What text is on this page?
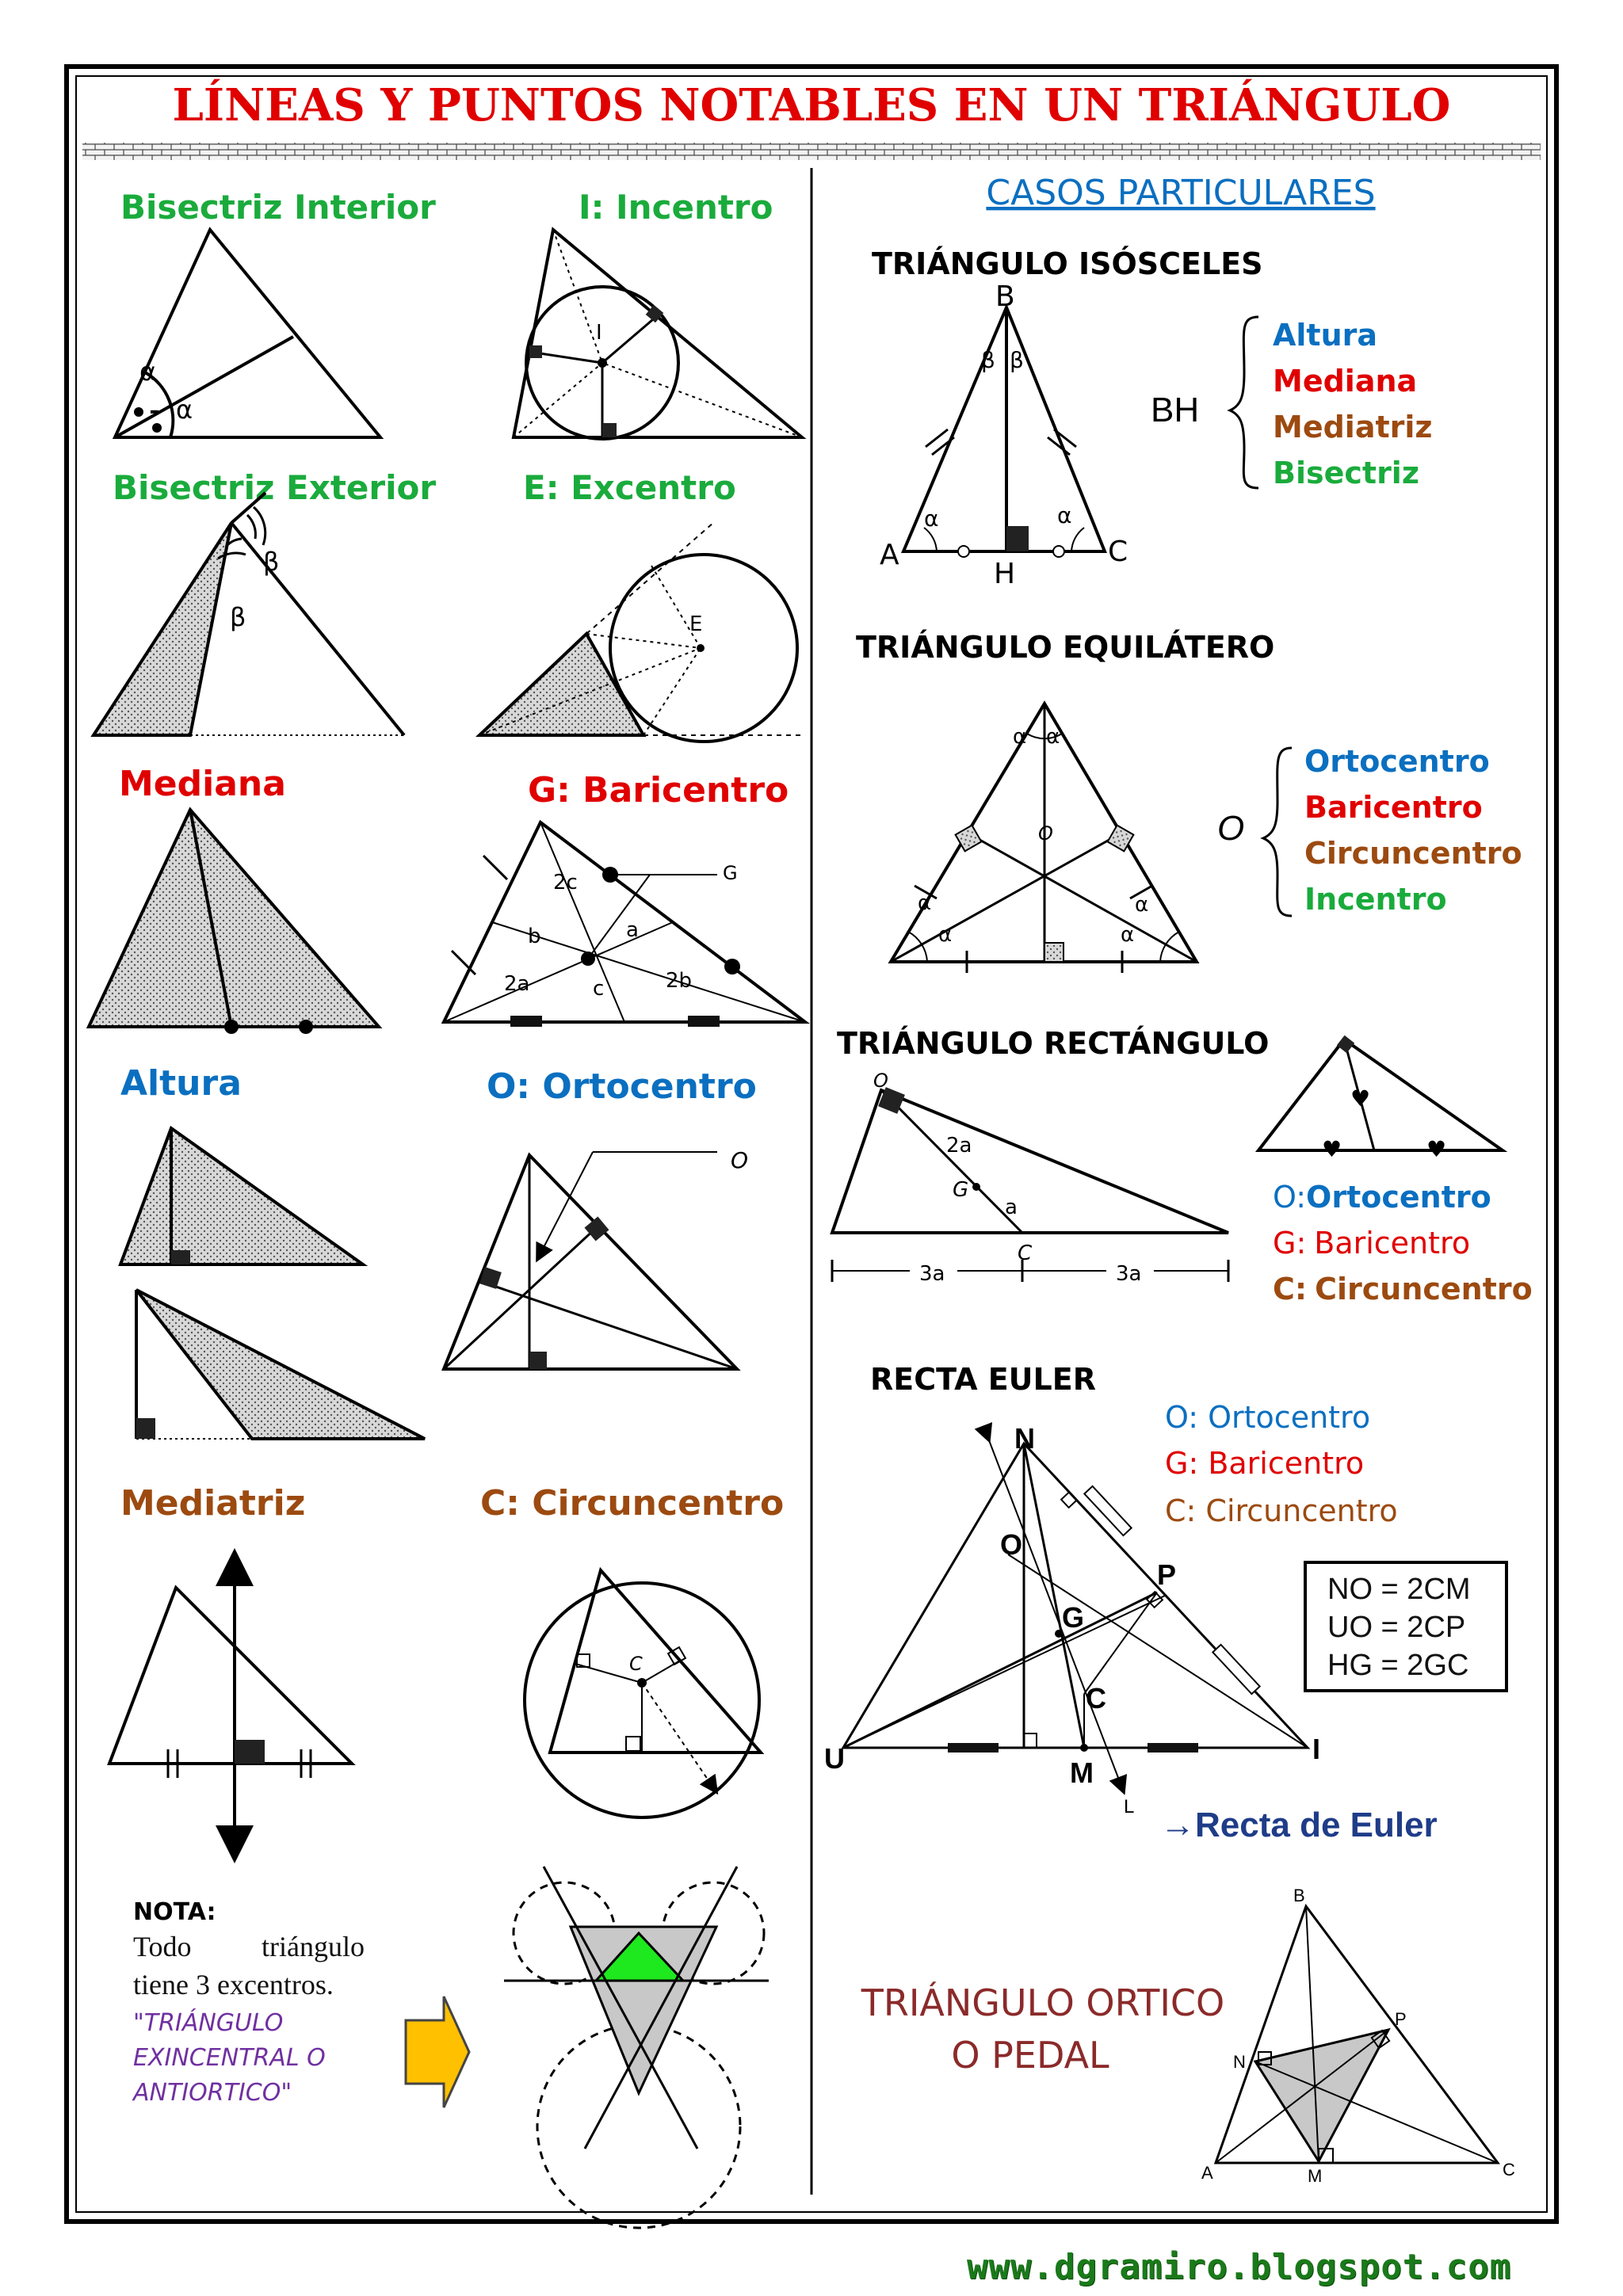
LÍNEAS Y PUNTOS NOTABLES EN UN TRIÁNGULO
Bisectriz Interior
α
α
I: Incentro
I
Bisectriz Exterior
β
β
E: Excentro
E
Mediana	G: Baricentro
G
2c
b	a
2a	2b
c
Altura	O: Ortocentro
O
Mediatriz	C: Circuncentro
C
NOTA:
CASOS PARTICULARES
TRIÁNGULO ISÓSCELES
B
A	C
H
β β
α	α
BH
Altura
Mediana
Mediatriz
Bisectriz
TRIÁNGULO EQUILÁTERO
O
α α
α
α
α
α
O
Ortocentro
Baricentro
Circuncentro
Incentro
TRIÁNGULO RECTÁNGULO
O
2a
G
a
C
3a	3a
♥	♥
♥
O:Ortocentro
G: Baricentro
C: Circuncentro
RECTA EULER
O: Ortocentro
G: Baricentro
C: Circuncentro
N
O
P
G
C
U	I
M
L →Recta de Euler
TRIÁNGULO ORTICO
O PEDAL
B
P
N
A	M	C
Todo triángulo
tiene 3 excentros.
"TRIÁNGULO
EXINCENTRAL O
ANTIORTICO"
NO = 2CM
UO = 2CP
HG = 2GC
www.dgramiro.blogspot.com
